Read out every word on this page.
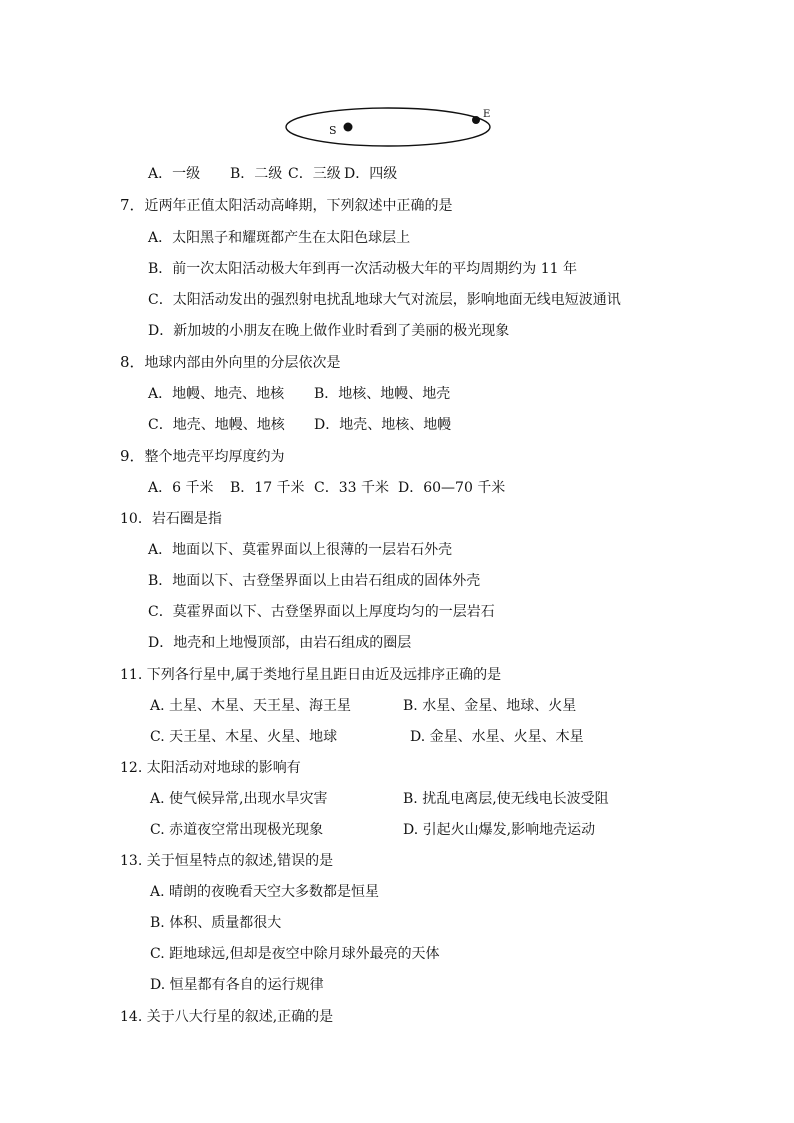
S
E
A．一级 B．二级 C．三级 D．四级
7．近两年正值太阳活动高峰期，下列叙述中正确的是
A．太阳黑子和耀斑都产生在太阳色球层上
B．前一次太阳活动极大年到再一次活动极大年的平均周期约为 11 年
C．太阳活动发出的强烈射电扰乱地球大气对流层，影响地面无线电短波通讯
D．新加坡的小朋友在晚上做作业时看到了美丽的极光现象
8．地球内部由外向里的分层依次是
A．地幔、地壳、地核 B．地核、地幔、地壳
C．地壳、地幔、地核 D．地壳、地核、地幔
9．整个地壳平均厚度约为
A．6 千米 B．17 千米 C．33 千米 D．60—70 千米
10．岩石圈是指
A．地面以下、莫霍界面以上很薄的一层岩石外壳
B．地面以下、古登堡界面以上由岩石组成的固体外壳
C．莫霍界面以下、古登堡界面以上厚度均匀的一层岩石
D．地壳和上地慢顶部，由岩石组成的圈层
11. 下列各行星中,属于类地行星且距日由近及远排序正确的是
A. 土星、木星、天王星、海王星	B. 水星、金星、地球、火星
C. 天王星、木星、火星、地球	D. 金星、水星、火星、木星
12. 太阳活动对地球的影响有
A. 使气候异常,出现水旱灾害	B. 扰乱电离层,使无线电长波受阻
C. 赤道夜空常出现极光现象	D. 引起火山爆发,影响地壳运动
13. 关于恒星特点的叙述,错误的是
A. 晴朗的夜晚看天空大多数都是恒星
B. 体积、质量都很大
C. 距地球远,但却是夜空中除月球外最亮的天体
D. 恒星都有各自的运行规律
14. 关于八大行星的叙述,正确的是
